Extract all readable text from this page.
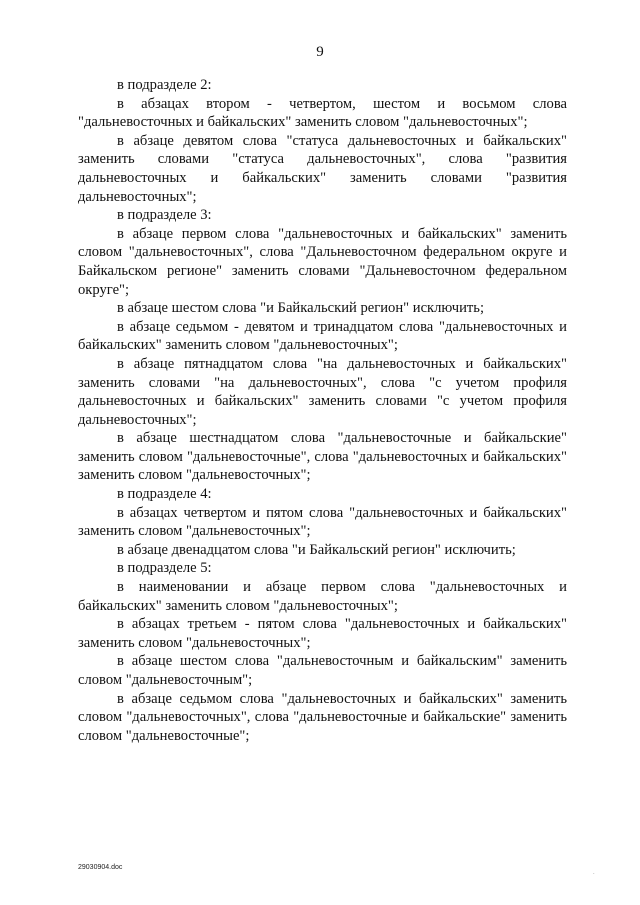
9

в подразделе 2:

в абзацах втором - четвертом, шестом и восьмом слова "дальневосточных и байкальских" заменить словом "дальневосточных";

в абзаце девятом слова "статуса дальневосточных и байкальских" заменить словами "статуса дальневосточных", слова "развития дальневосточных и байкальских" заменить словами "развития дальневосточных";

в подразделе 3:

в абзаце первом слова "дальневосточных и байкальских" заменить словом "дальневосточных", слова "Дальневосточном федеральном округе и Байкальском регионе" заменить словами "Дальневосточном федеральном округе";

в абзаце шестом слова "и Байкальский регион" исключить;

в абзаце седьмом - девятом и тринадцатом слова "дальневосточных и байкальских" заменить словом "дальневосточных";

в абзаце пятнадцатом слова "на дальневосточных и байкальских" заменить словами "на дальневосточных", слова "с учетом профиля дальневосточных и байкальских" заменить словами "с учетом профиля дальневосточных";

в абзаце шестнадцатом слова "дальневосточные и байкальские" заменить словом "дальневосточные", слова "дальневосточных и байкальских" заменить словом "дальневосточных";

в подразделе 4:

в абзацах четвертом и пятом слова "дальневосточных и байкальских" заменить словом "дальневосточных";

в абзаце двенадцатом слова "и Байкальский регион" исключить;

в подразделе 5:

в наименовании и абзаце первом слова "дальневосточных и байкальских" заменить словом "дальневосточных";

в абзацах третьем - пятом слова "дальневосточных и байкальских" заменить словом "дальневосточных";

в абзаце шестом слова "дальневосточным и байкальским" заменить словом "дальневосточным";

в абзаце седьмом слова "дальневосточных и байкальских" заменить словом "дальневосточных", слова "дальневосточные и байкальские" заменить словом "дальневосточные";

29030904.doc
.
